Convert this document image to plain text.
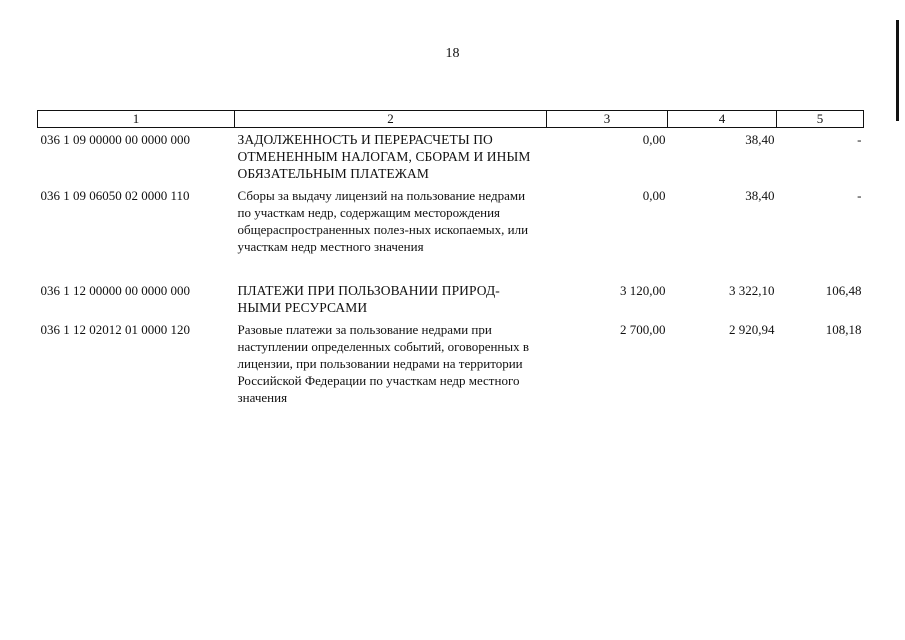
18
1	2	3	4	5
036 1 09 00000 00 0000 000	ЗАДОЛЖЕННОСТЬ И ПЕРЕРАСЧЕТЫ ПО ОТМЕНЕННЫМ НАЛОГАМ, СБОРАМ И ИНЫМ ОБЯЗАТЕЛЬНЫМ ПЛАТЕЖАМ	0,00	38,40	-
036 1 09 06050 02 0000 110	Сборы за выдачу лицензий на пользование недрами по участкам недр, содержащим месторождения общераспространенных полез-ных ископаемых, или участкам недр местного значения	0,00	38,40	-
036 1 12 00000 00 0000 000	ПЛАТЕЖИ ПРИ ПОЛЬЗОВАНИИ ПРИРОД-НЫМИ РЕСУРСАМИ	3 120,00	3 322,10	106,48
036 1 12 02012 01 0000 120	Разовые платежи за пользование недрами при наступлении определенных событий, оговоренных в лицензии, при пользовании недрами на территории Российской Федерации по участкам недр местного значения	2 700,00	2 920,94	108,18
